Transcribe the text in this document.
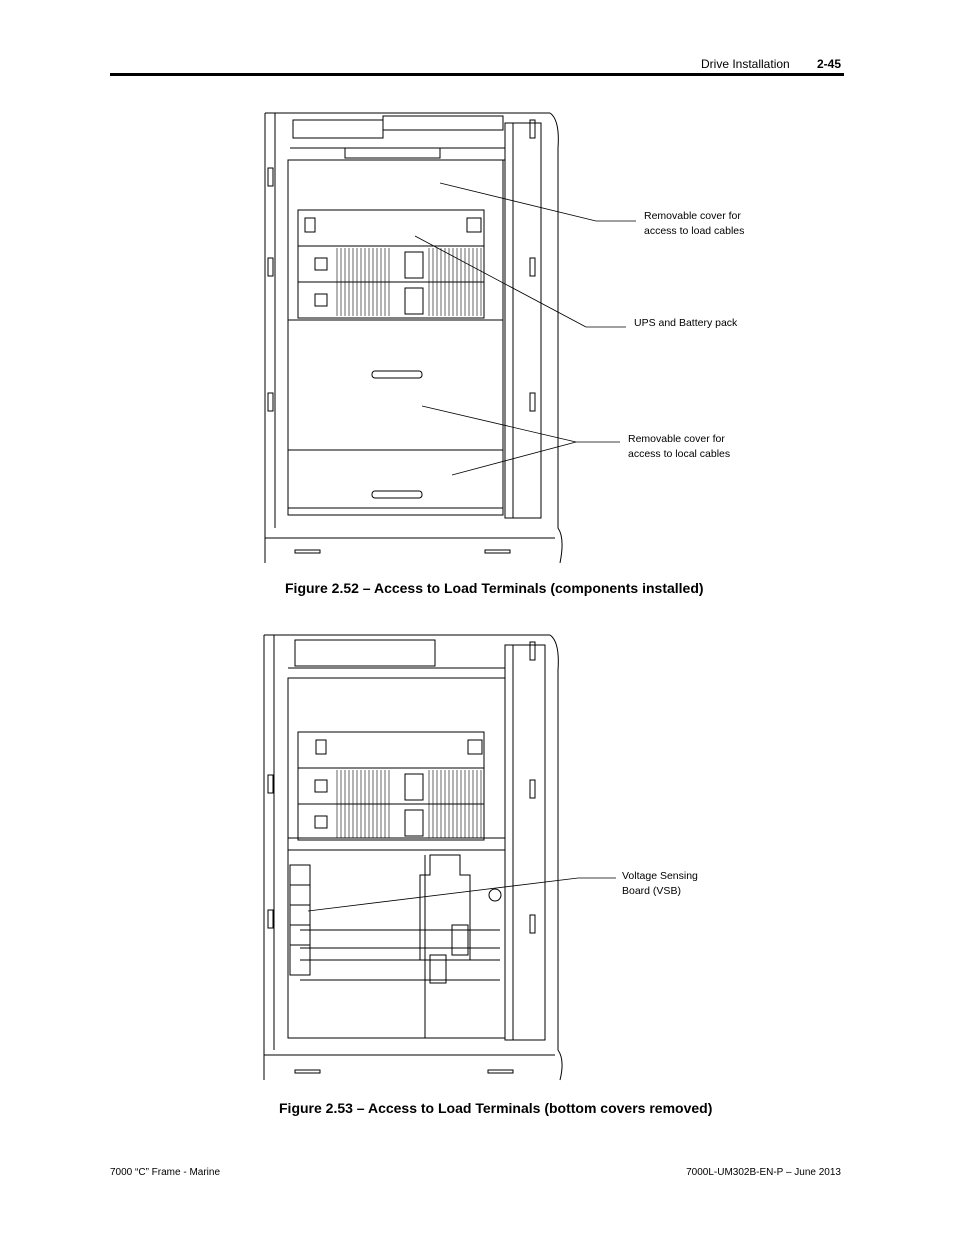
Drive Installation 2-45
Removable cover for
access to load cables
UPS and Battery pack
Removable cover for
access to local cables
Figure 2.52 – Access to Load Terminals (components installed)
Voltage Sensing
Board (VSB)
Figure 2.53 – Access to Load Terminals (bottom covers removed)
7000 “C” Frame - Marine	7000L-UM302B-EN-P – June 2013
